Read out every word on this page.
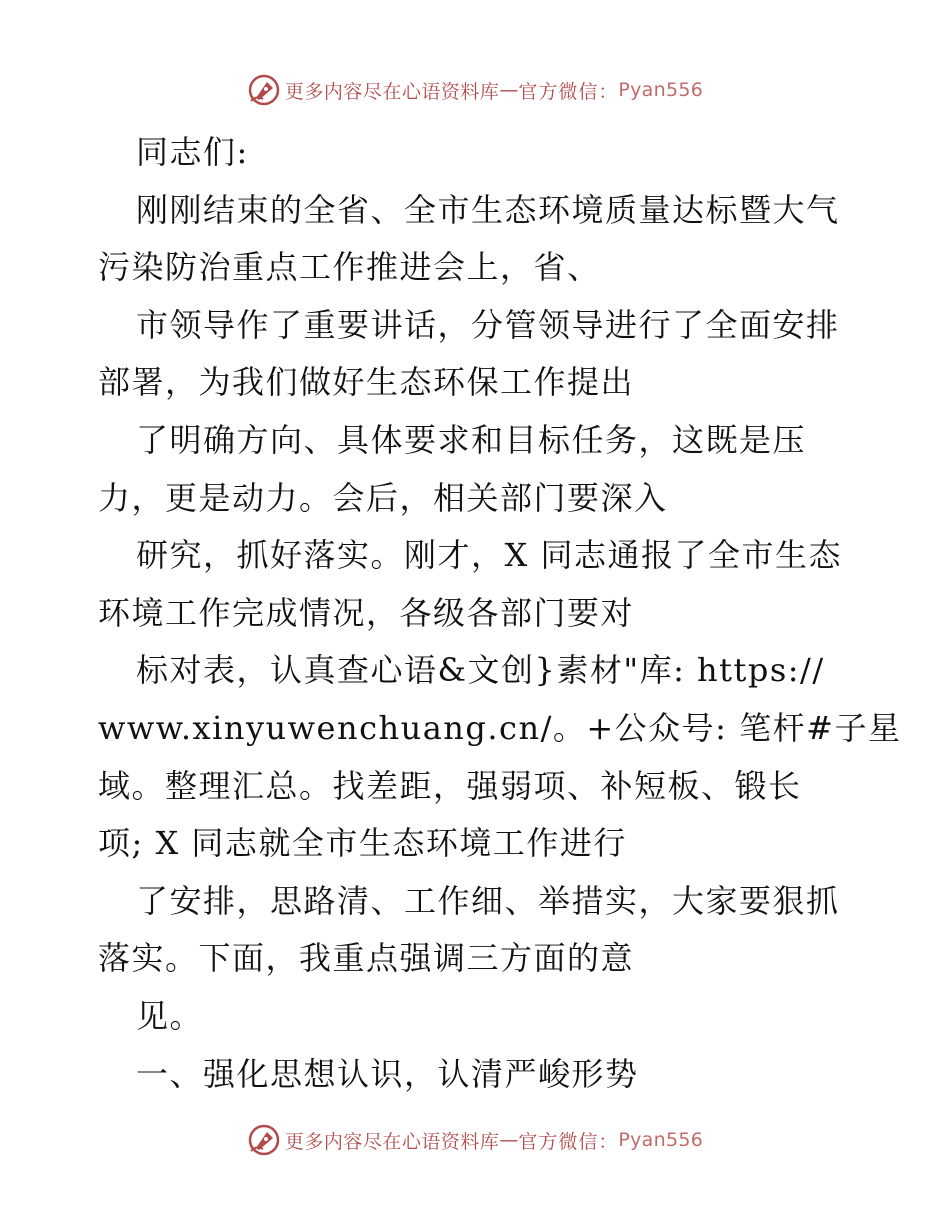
更多内容尽在心语资料库 — 官方微信： Pyan556
同志们:
刚刚结束的全省、全市生态环境质量达标暨大气
污染防治重点工作推进会上，省、
市领导作了重要讲话，分管领导进行了全面安排
部署，为我们做好生态环保工作提出
了明确方向、具体要求和目标任务，这既是压
力，更是动力。会后，相关部门要深入
研究，抓好落实。刚才，X 同志通报了全市生态
环境工作完成情况，各级各部门要对
标对表，认真查心语&文创}素材"库: https://
www.xinyuwenchuang.cn/。+公众号: 笔杆#子星
域。整理汇总。找差距，强弱项、补短板、锻长
项; X 同志就全市生态环境工作进行
了安排，思路清、工作细、举措实，大家要狠抓
落实。下面，我重点强调三方面的意
见。
一、强化思想认识，认清严峻形势
更多内容尽在心语资料库 — 官方微信： Pyan556
